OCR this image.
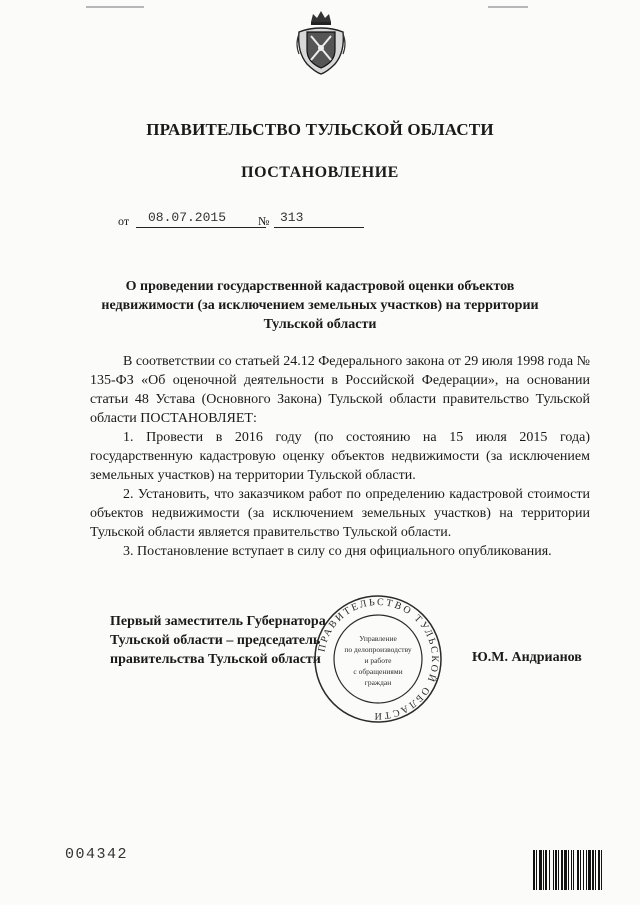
ПРАВИТЕЛЬСТВО ТУЛЬСКОЙ ОБЛАСТИ
ПОСТАНОВЛЕНИЕ
от	08.07.2015	№ 313
О проведении государственной кадастровой оценки объектов
недвижимости (за исключением земельных участков) на территории
Тульской области

В соответствии со статьей 24.12 Федерального закона от 29 июля 1998 года № 135-ФЗ «Об оценочной деятельности в Российской Федерации», на основании статьи 48 Устава (Основного Закона) Тульской области правительство Тульской области ПОСТАНОВЛЯЕТ:

1. Провести в 2016 году (по состоянию на 15 июля 2015 года) государственную кадастровую оценку объектов недвижимости (за исключением земельных участков) на территории Тульской области.

2. Установить, что заказчиком работ по определению кадастровой стоимости объектов недвижимости (за исключением земельных участков) на территории Тульской области является правительство Тульской области.

3. Постановление вступает в силу со дня официального опубликования.

Первый заместитель Губернатора
Тульской области – председатель
правительства Тульской области	Ю.М. Андрианов
ПРАВИТЕЛЬСТВО ТУЛЬСКОЙ ОБЛАСТИ
Управление
по делопроизводству
и работе
с обращениями
граждан
004342
